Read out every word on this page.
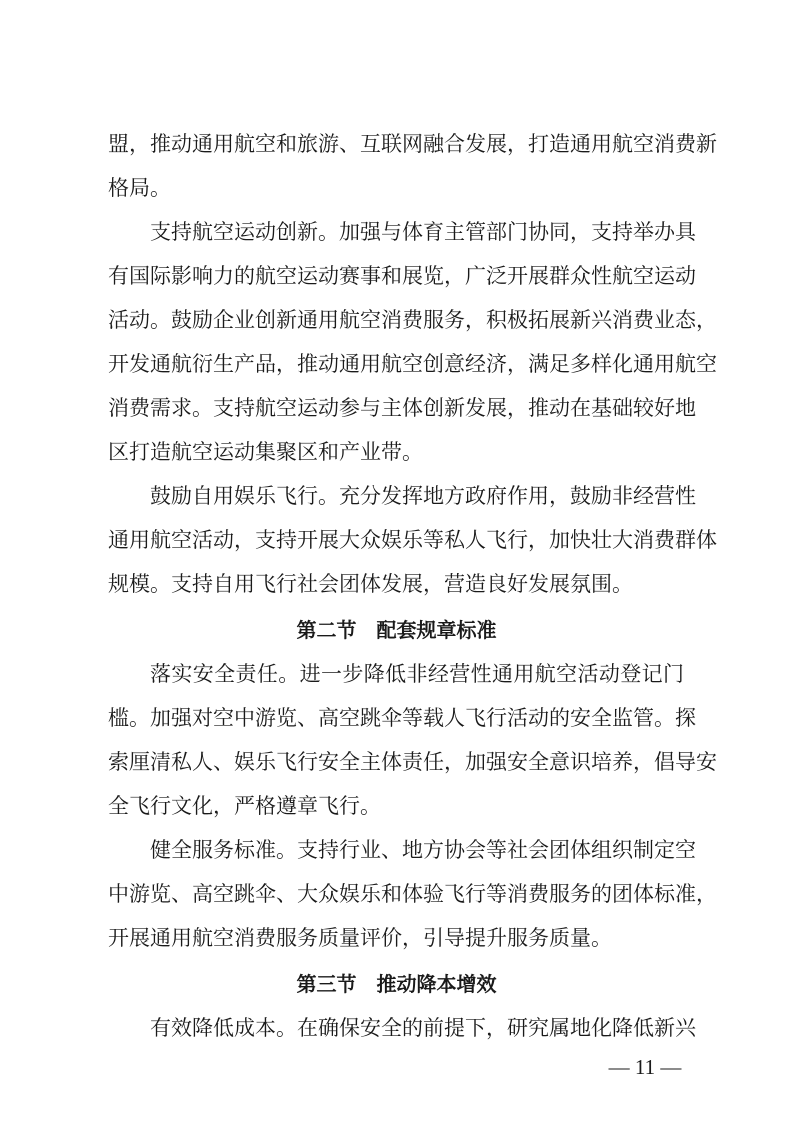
盟，推动通用航空和旅游、互联网融合发展，打造通用航空消费新
格局。
支持航空运动创新。加强与体育主管部门协同，支持举办具
有国际影响力的航空运动赛事和展览，广泛开展群众性航空运动
活动。鼓励企业创新通用航空消费服务，积极拓展新兴消费业态，
开发通航衍生产品，推动通用航空创意经济，满足多样化通用航空
消费需求。支持航空运动参与主体创新发展，推动在基础较好地
区打造航空运动集聚区和产业带。
鼓励自用娱乐飞行。充分发挥地方政府作用，鼓励非经营性
通用航空活动，支持开展大众娱乐等私人飞行，加快壮大消费群体
规模。支持自用飞行社会团体发展，营造良好发展氛围。
第二节　配套规章标准
落实安全责任。进一步降低非经营性通用航空活动登记门
槛。加强对空中游览、高空跳伞等载人飞行活动的安全监管。探
索厘清私人、娱乐飞行安全主体责任，加强安全意识培养，倡导安
全飞行文化，严格遵章飞行。
健全服务标准。支持行业、地方协会等社会团体组织制定空
中游览、高空跳伞、大众娱乐和体验飞行等消费服务的团体标准，
开展通用航空消费服务质量评价，引导提升服务质量。
第三节　推动降本增效
有效降低成本。在确保安全的前提下，研究属地化降低新兴
— 11 —
